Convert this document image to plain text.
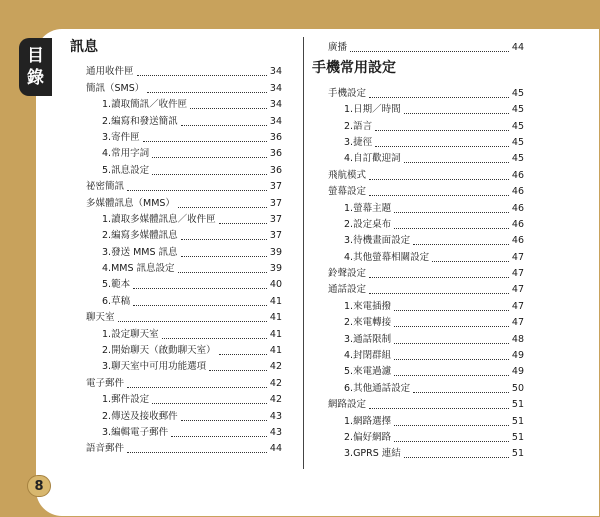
目
錄
訊息
通用收件匣	34
簡訊（SMS）	34
1.讀取簡訊／收件匣	34
2.編寫和發送簡訊	34
3.寄件匣	36
4.常用字詞	36
5.訊息設定	36
祕密簡訊	37
多媒體訊息（MMS）	37
1.讀取多媒體訊息／收件匣	37
2.編寫多媒體訊息	37
3.發送 MMS 訊息	39
4.MMS 訊息設定	39
5.範本	40
6.草稿	41
聊天室	41
1.設定聊天室	41
2.開始聊天（啟動聊天室）	41
3.聊天室中可用功能選項	42
電子郵件	42
1.郵件設定	42
2.傳送及接收郵件	43
3.編輯電子郵件	43
語音郵件	44
廣播	44
手機常用設定
手機設定	45
1.日期／時間	45
2.語言	45
3.捷徑	45
4.自訂歡迎詞	45
飛航模式	46
螢幕設定	46
1.螢幕主題	46
2.設定桌布	46
3.待機畫面設定	46
4.其他螢幕相關設定	47
鈴聲設定	47
通話設定	47
1.來電插撥	47
2.來電轉接	47
3.通話限制	48
4.封閉群組	49
5.來電過濾	49
6.其他通話設定	50
網路設定	51
1.網路選擇	51
2.偏好網路	51
3.GPRS 連結	51
8
